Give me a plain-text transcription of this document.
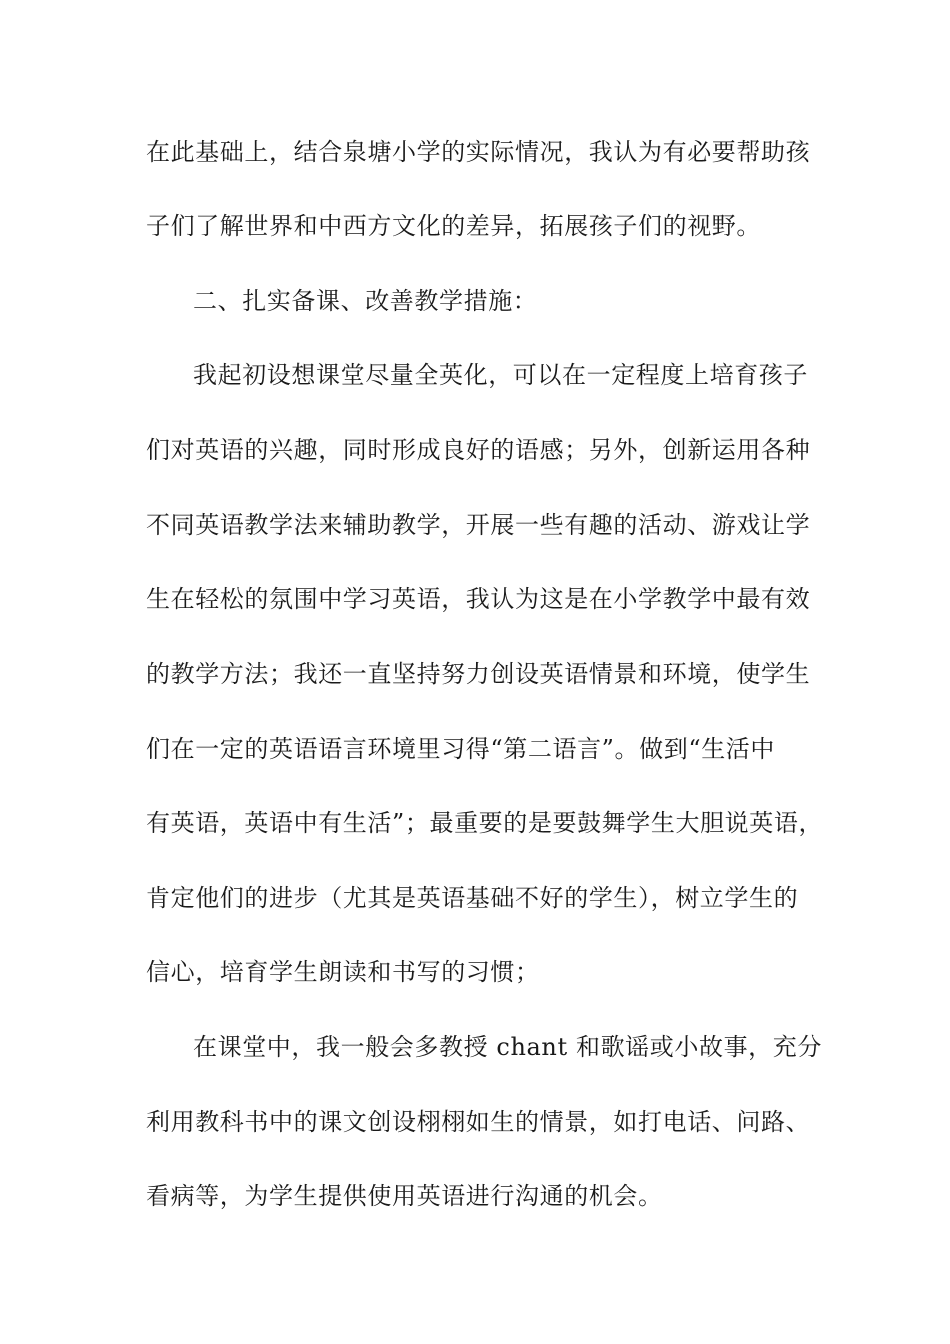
在此基础上，结合泉塘小学的实际情况，我认为有必要帮助孩
子们了解世界和中西方文化的差异，拓展孩子们的视野。
二、扎实备课、改善教学措施：
我起初设想课堂尽量全英化，可以在一定程度上培育孩子
们对英语的兴趣，同时形成良好的语感；另外，创新运用各种
不同英语教学法来辅助教学，开展一些有趣的活动、游戏让学
生在轻松的氛围中学习英语，我认为这是在小学教学中最有效
的教学方法；我还一直坚持努力创设英语情景和环境，使学生
们在一定的英语语言环境里习得“第二语言”。做到“生活中
有英语，英语中有生活”；最重要的是要鼓舞学生大胆说英语，
肯定他们的进步（尤其是英语基础不好的学生），树立学生的
信心，培育学生朗读和书写的习惯；
在课堂中，我一般会多教授 chant 和歌谣或小故事，充分
利用教科书中的课文创设栩栩如生的情景，如打电话、问路、
看病等，为学生提供使用英语进行沟通的机会。
